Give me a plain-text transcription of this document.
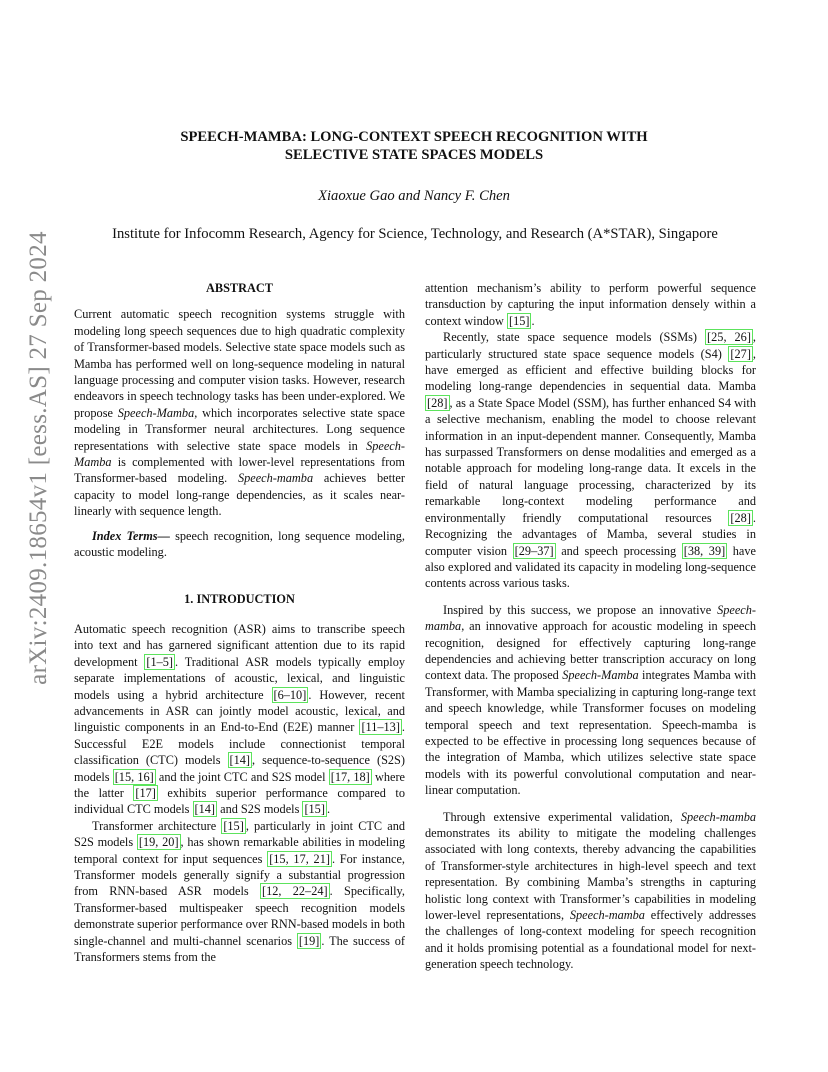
arXiv:2409.18654v1 [eess.AS] 27 Sep 2024
SPEECH-MAMBA: LONG-CONTEXT SPEECH RECOGNITION WITH
SELECTIVE STATE SPACES MODELS
Xiaoxue Gao and Nancy F. Chen
Institute for Infocomm Research, Agency for Science, Technology, and Research (A*STAR), Singapore

ABSTRACT

Current automatic speech recognition systems struggle with modeling long speech sequences due to high quadratic complexity of Transformer-based models. Selective state space models such as Mamba has performed well on long-sequence modeling in natural language processing and computer vision tasks. However, research endeavors in speech technology tasks has been under-explored. We propose Speech-Mamba, which incorporates selective state space modeling in Transformer neural architectures. Long sequence representations with selective state space models in Speech-Mamba is complemented with lower-level representations from Transformer-based modeling. Speech-mamba achieves better capacity to model long-range dependencies, as it scales near-linearly with sequence length.

Index Terms— speech recognition, long sequence modeling, acoustic modeling.

1. INTRODUCTION

Automatic speech recognition (ASR) aims to transcribe speech into text and has garnered significant attention due to its rapid development [1–5] . Traditional ASR models typically employ separate implementations of acoustic, lexical, and linguistic models using a hybrid architecture [6–10] . However, recent advancements in ASR can jointly model acoustic, lexical, and linguistic components in an End-to-End (E2E) manner [11–13] . Successful E2E models include connectionist temporal classification (CTC) models [14] , sequence-to-sequence (S2S) models [15, 16] and the joint CTC and S2S model [17, 18] where the latter [17] exhibits superior performance compared to individual CTC models [14] and S2S models [15] .

Transformer architecture [15] , particularly in joint CTC and S2S models [19, 20] , has shown remarkable abilities in modeling temporal context for input sequences [15, 17, 21] . For instance, Transformer models generally signify a substantial progression from RNN-based ASR models [12, 22–24] . Specifically, Transformer-based multispeaker speech recognition models demonstrate superior performance over RNN-based models in both single-channel and multi-channel scenarios [19] . The success of Transformers stems from the

attention mechanism’s ability to perform powerful sequence transduction by capturing the input information densely within a context window [15] .

Recently, state space sequence models (SSMs) [25, 26] , particularly structured state space sequence models (S4) [27] , have emerged as efficient and effective building blocks for modeling long-range dependencies in sequential data. Mamba [28] , as a State Space Model (SSM), has further enhanced S4 with a selective mechanism, enabling the model to choose relevant information in an input-dependent manner. Consequently, Mamba has surpassed Transformers on dense modalities and emerged as a notable approach for modeling long-range data. It excels in the field of natural language processing, characterized by its remarkable long-context modeling performance and environmentally friendly computational resources [28] . Recognizing the advantages of Mamba, several studies in computer vision [29–37] and speech processing [38, 39] have also explored and validated its capacity in modeling long-sequence contents across various tasks.

Inspired by this success, we propose an innovative Speech-mamba, an innovative approach for acoustic modeling in speech recognition, designed for effectively capturing long-range dependencies and achieving better transcription accuracy on long context data. The proposed Speech-Mamba integrates Mamba with Transformer, with Mamba specializing in capturing long-range text and speech knowledge, while Transformer focuses on modeling temporal speech and text representation. Speech-mamba is expected to be effective in processing long sequences because of the integration of Mamba, which utilizes selective state space models with its powerful convolutional computation and near-linear computation.

Through extensive experimental validation, Speech-mamba demonstrates its ability to mitigate the modeling challenges associated with long contexts, thereby advancing the capabilities of Transformer-style architectures in high-level speech and text representation. By combining Mamba’s strengths in capturing holistic long context with Transformer’s capabilities in modeling lower-level representations, Speech-mamba effectively addresses the challenges of long-context modeling for speech recognition and it holds promising potential as a foundational model for next-generation speech technology.
